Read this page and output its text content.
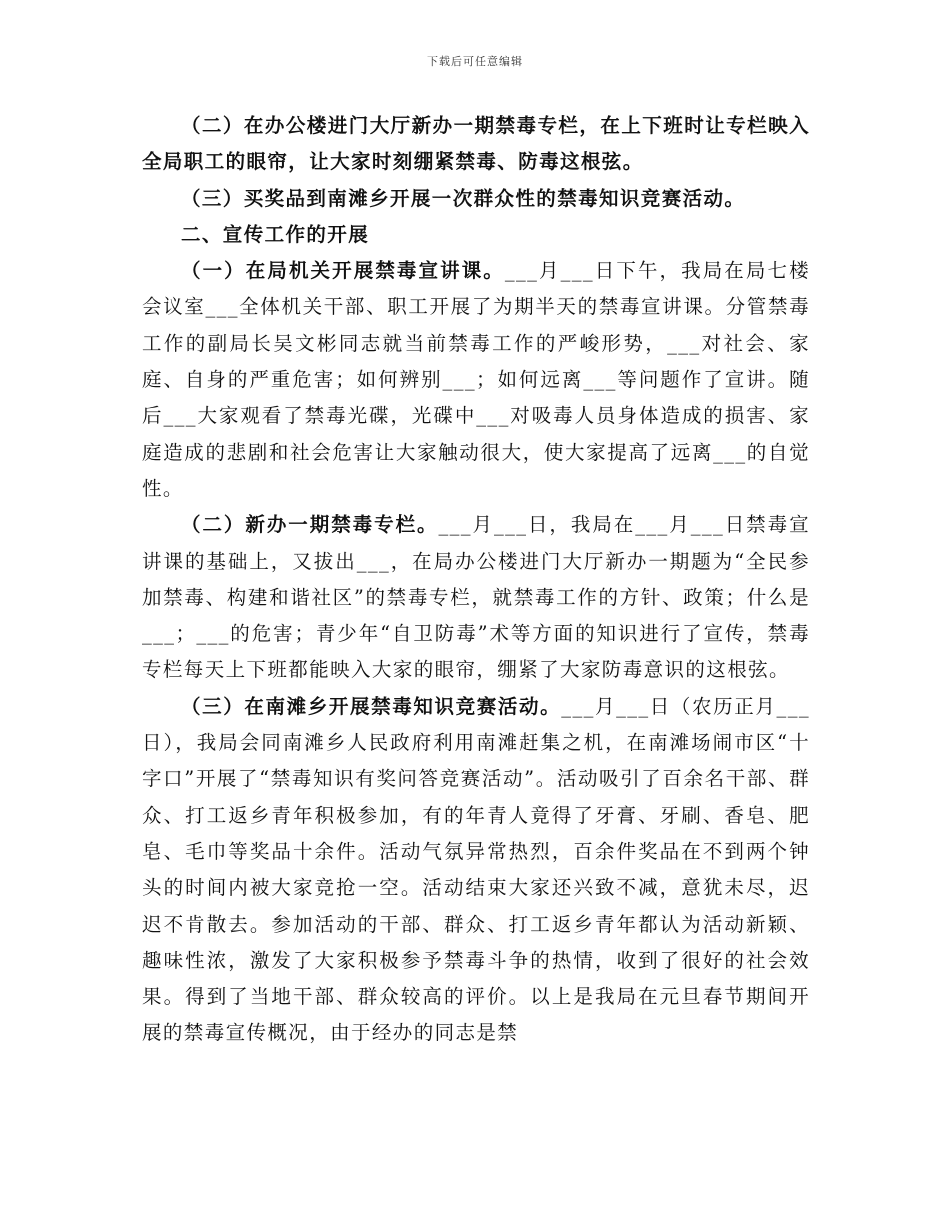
下载后可任意编辑

（二）在办公楼进门大厅新办一期禁毒专栏，在上下班时让专栏映入全局职工的眼帘，让大家时刻绷紧禁毒、防毒这根弦。

（三）买奖品到南滩乡开展一次群众性的禁毒知识竞赛活动。

二、宣传工作的开展

（一）在局机关开展禁毒宣讲课。___月___日下午，我局在局七楼会议室___全体机关干部、职工开展了为期半天的禁毒宣讲课。分管禁毒工作的副局长吴文彬同志就当前禁毒工作的严峻形势，___对社会、家庭、自身的严重危害；如何辨别___；如何远离___等问题作了宣讲。随后___大家观看了禁毒光碟，光碟中___对吸毒人员身体造成的损害、家庭造成的悲剧和社会危害让大家触动很大，使大家提高了远离___的自觉性。

（二）新办一期禁毒专栏。___月___日，我局在___月___日禁毒宣讲课的基础上，又拔出___，在局办公楼进门大厅新办一期题为“全民参加禁毒、构建和谐社区”的禁毒专栏，就禁毒工作的方针、政策；什么是___；___的危害；青少年“自卫防毒”术等方面的知识进行了宣传，禁毒专栏每天上下班都能映入大家的眼帘，绷紧了大家防毒意识的这根弦。

（三）在南滩乡开展禁毒知识竞赛活动。___月___日（农历正月___日），我局会同南滩乡人民政府利用南滩赶集之机，在南滩场闹市区“十字口”开展了“禁毒知识有奖问答竞赛活动”。活动吸引了百余名干部、群众、打工返乡青年积极参加，有的年青人竟得了牙膏、牙刷、香皂、肥皂、毛巾等奖品十余件。活动气氛异常热烈，百余件奖品在不到两个钟头的时间内被大家竞抢一空。活动结束大家还兴致不减，意犹未尽，迟迟不肯散去。参加活动的干部、群众、打工返乡青年都认为活动新颖、趣味性浓，激发了大家积极参予禁毒斗争的热情，收到了很好的社会效果。得到了当地干部、群众较高的评价。以上是我局在元旦春节期间开展的禁毒宣传概况，由于经办的同志是禁
